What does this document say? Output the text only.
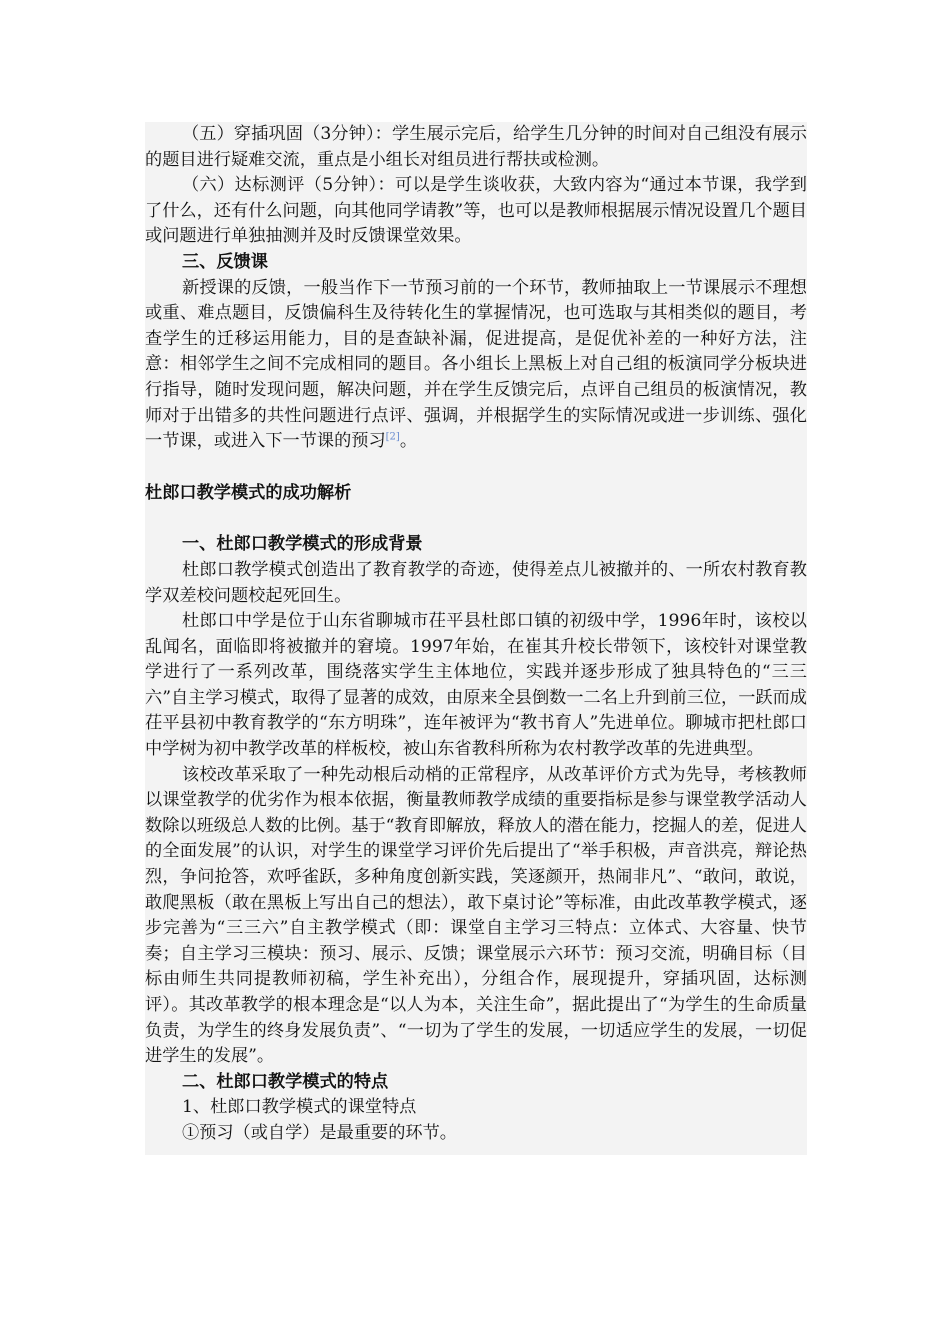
（五）穿插巩固（3分钟）：学生展示完后，给学生几分钟的时间对自己组没有展示的题目进行疑难交流，重点是小组长对组员进行帮扶或检测。

（六）达标测评（5分钟）：可以是学生谈收获，大致内容为“通过本节课，我学到了什么，还有什么问题，向其他同学请教”等，也可以是教师根据展示情况设置几个题目或问题进行单独抽测并及时反馈课堂效果。

三、反馈课

新授课的反馈，一般当作下一节预习前的一个环节，教师抽取上一节课展示不理想或重、难点题目，反馈偏科生及待转化生的掌握情况，也可选取与其相类似的题目，考查学生的迁移运用能力，目的是查缺补漏，促进提高，是促优补差的一种好方法，注意：相邻学生之间不完成相同的题目。各小组长上黑板上对自己组的板演同学分板块进行指导，随时发现问题，解决问题，并在学生反馈完后，点评自己组员的板演情况，教师对于出错多的共性问题进行点评、强调，并根据学生的实际情况或进一步训练、强化一节课，或进入下一节课的预习[2]。

杜郎口教学模式的成功解析

一、杜郎口教学模式的形成背景

杜郎口教学模式创造出了教育教学的奇迹，使得差点儿被撤并的、一所农村教育教学双差校问题校起死回生。

杜郎口中学是位于山东省聊城市茌平县杜郎口镇的初级中学，1996年时，该校以乱闻名，面临即将被撤并的窘境。1997年始，在崔其升校长带领下，该校针对课堂教学进行了一系列改革，围绕落实学生主体地位，实践并逐步形成了独具特色的“三三六”自主学习模式，取得了显著的成效，由原来全县倒数一二名上升到前三位，一跃而成茌平县初中教育教学的“东方明珠”，连年被评为“教书育人”先进单位。聊城市把杜郎口中学树为初中教学改革的样板校，被山东省教科所称为农村教学改革的先进典型。

该校改革采取了一种先动根后动梢的正常程序，从改革评价方式为先导，考核教师以课堂教学的优劣作为根本依据，衡量教师教学成绩的重要指标是参与课堂教学活动人数除以班级总人数的比例。基于“教育即解放，释放人的潜在能力，挖掘人的差，促进人的全面发展”的认识，对学生的课堂学习评价先后提出了“举手积极，声音洪亮，辩论热烈，争问抢答，欢呼雀跃，多种角度创新实践，笑逐颜开，热闹非凡”、“敢问，敢说，敢爬黑板（敢在黑板上写出自己的想法），敢下桌讨论”等标准，由此改革教学模式，逐步完善为“三三六”自主教学模式（即：课堂自主学习三特点：立体式、大容量、快节奏；自主学习三模块：预习、展示、反馈；课堂展示六环节：预习交流，明确目标（目标由师生共同提教师初稿，学生补充出），分组合作，展现提升，穿插巩固，达标测评）。其改革教学的根本理念是“以人为本，关注生命”，据此提出了“为学生的生命质量负责，为学生的终身发展负责”、“一切为了学生的发展，一切适应学生的发展，一切促进学生的发展”。

二、杜郎口教学模式的特点

1、杜郎口教学模式的课堂特点

①预习（或自学）是最重要的环节。
